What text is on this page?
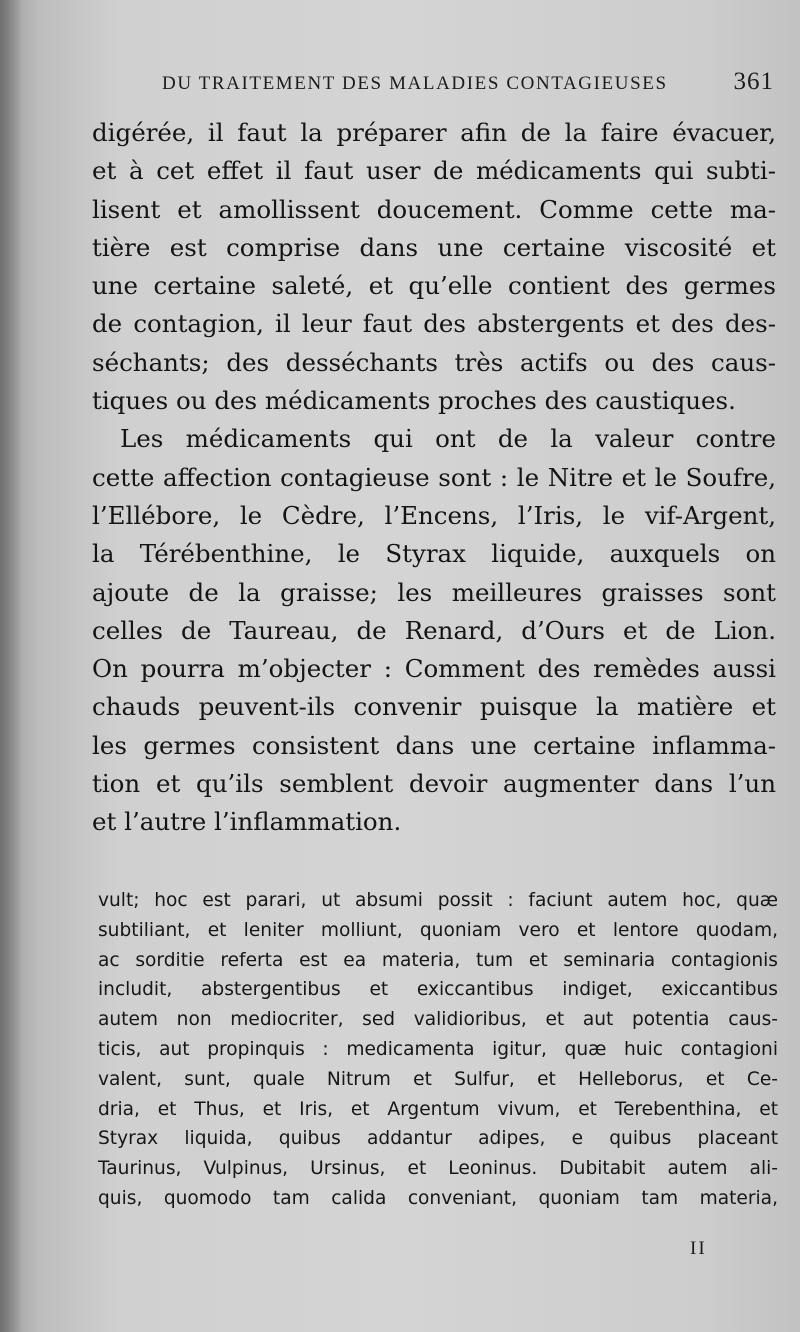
DU TRAITEMENT DES MALADIES CONTAGIEUSES	361
digérée, il faut la préparer afin de la faire évacuer,
et à cet effet il faut user de médicaments qui subti-
lisent et amollissent doucement. Comme cette ma-
tière est comprise dans une certaine viscosité et
une certaine saleté, et qu’elle contient des germes
de contagion, il leur faut des abstergents et des des-
séchants; des desséchants très actifs ou des caus-
tiques ou des médicaments proches des caustiques.
Les médicaments qui ont de la valeur contre
cette affection contagieuse sont : le Nitre et le Soufre,
l’Ellébore, le Cèdre, l’Encens, l’Iris, le vif-Argent,
la Térébenthine, le Styrax liquide, auxquels on
ajoute de la graisse; les meilleures graisses sont
celles de Taureau, de Renard, d’Ours et de Lion.
On pourra m’objecter : Comment des remèdes aussi
chauds peuvent-ils convenir puisque la matière et
les germes consistent dans une certaine inflamma-
tion et qu’ils semblent devoir augmenter dans l’un
et l’autre l’inflammation.
vult; hoc est parari, ut absumi possit : faciunt autem hoc, quæ
subtiliant, et leniter molliunt, quoniam vero et lentore quodam,
ac sorditie referta est ea materia, tum et seminaria contagionis
includit, abstergentibus et exiccantibus indiget, exiccantibus
autem non mediocriter, sed validioribus, et aut potentia caus-
ticis, aut propinquis : medicamenta igitur, quæ huic contagioni
valent, sunt, quale Nitrum et Sulfur, et Helleborus, et Ce-
dria, et Thus, et Iris, et Argentum vivum, et Terebenthina, et
Styrax liquida, quibus addantur adipes, e quibus placeant
Taurinus, Vulpinus, Ursinus, et Leoninus. Dubitabit autem ali-
quis, quomodo tam calida conveniant, quoniam tam materia,
II
